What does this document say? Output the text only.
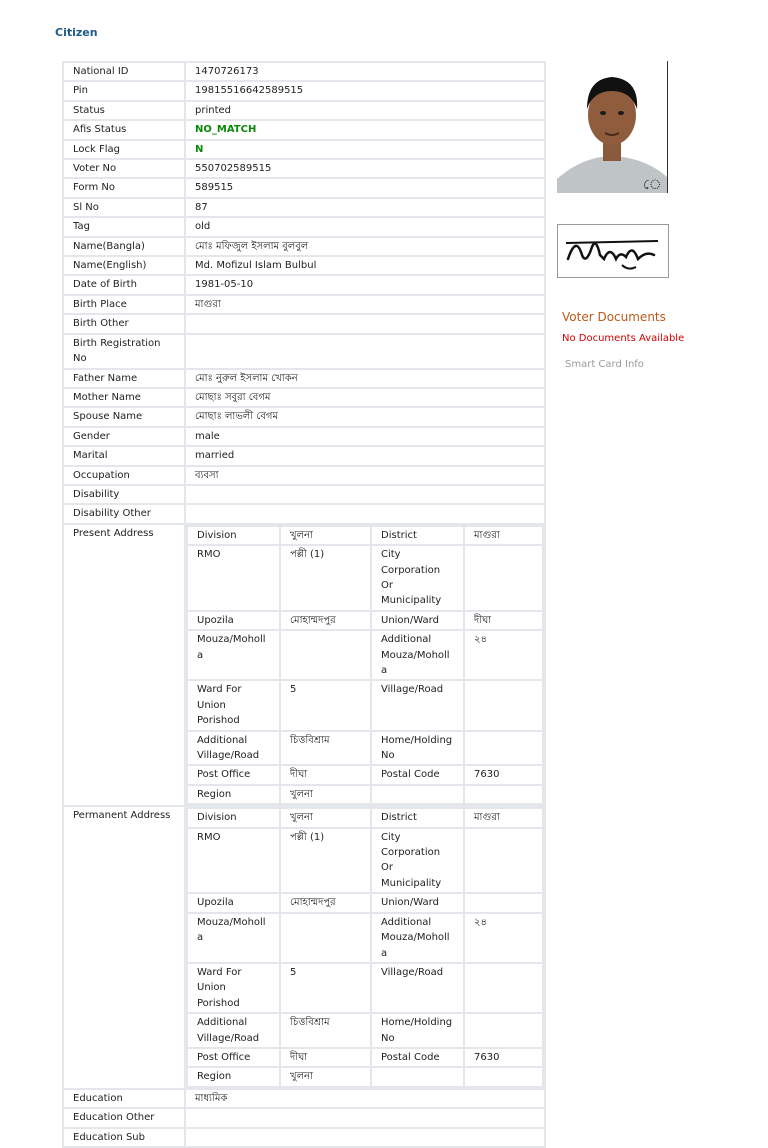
Citizen
National ID	1470726173
Pin	19815516642589515
Status	printed
Afis Status	NO_MATCH
Lock Flag	N
Voter No	550702589515
Form No	589515
Sl No	87
Tag	old
Name(Bangla)	মোঃ মফিজুল ইসলাম বুলবুল
Name(English)	Md. Mofizul Islam Bulbul
Date of Birth	1981-05-10
Birth Place	মাগুরা
Birth Other	
Birth Registration No	
Father Name	মোঃ নুরুল ইসলাম খোকন
Mother Name	মোছাঃ সবুরা বেগম
Spouse Name	মোছাঃ লাভলী বেগম
Gender	male
Marital	married
Occupation	ব্যবসা
Disability	
Disability Other	
Present Address		Division	খুলনা	District	মাগুরা
RMO	পল্লী (1)	City Corporation Or Municipality	
Upozila	মোহাম্মদপুর	Union/Ward	দীঘা
Mouza/Moholla		Additional Mouza/Moholla	২৪
Ward For Union Porishod	5	Village/Road	
Additional Village/Road	চিত্তবিশ্রাম	Home/Holding No	
Post Office	দীঘা	Postal Code	7630
Region	খুলনা		

Permanent Address		Division	খুলনা	District	মাগুরা
RMO	পল্লী (1)	City Corporation Or Municipality	
Upozila	মোহাম্মদপুর	Union/Ward	
Mouza/Moholla		Additional Mouza/Moholla	২৪
Ward For Union Porishod	5	Village/Road	
Additional Village/Road	চিত্তবিশ্রাম	Home/Holding No	
Post Office	দীঘা	Postal Code	7630
Region	খুলনা		

Education	মাধ্যমিক
Education Other	
Education Sub	
ে
Voter Documents
No Documents Available
Smart Card Info
